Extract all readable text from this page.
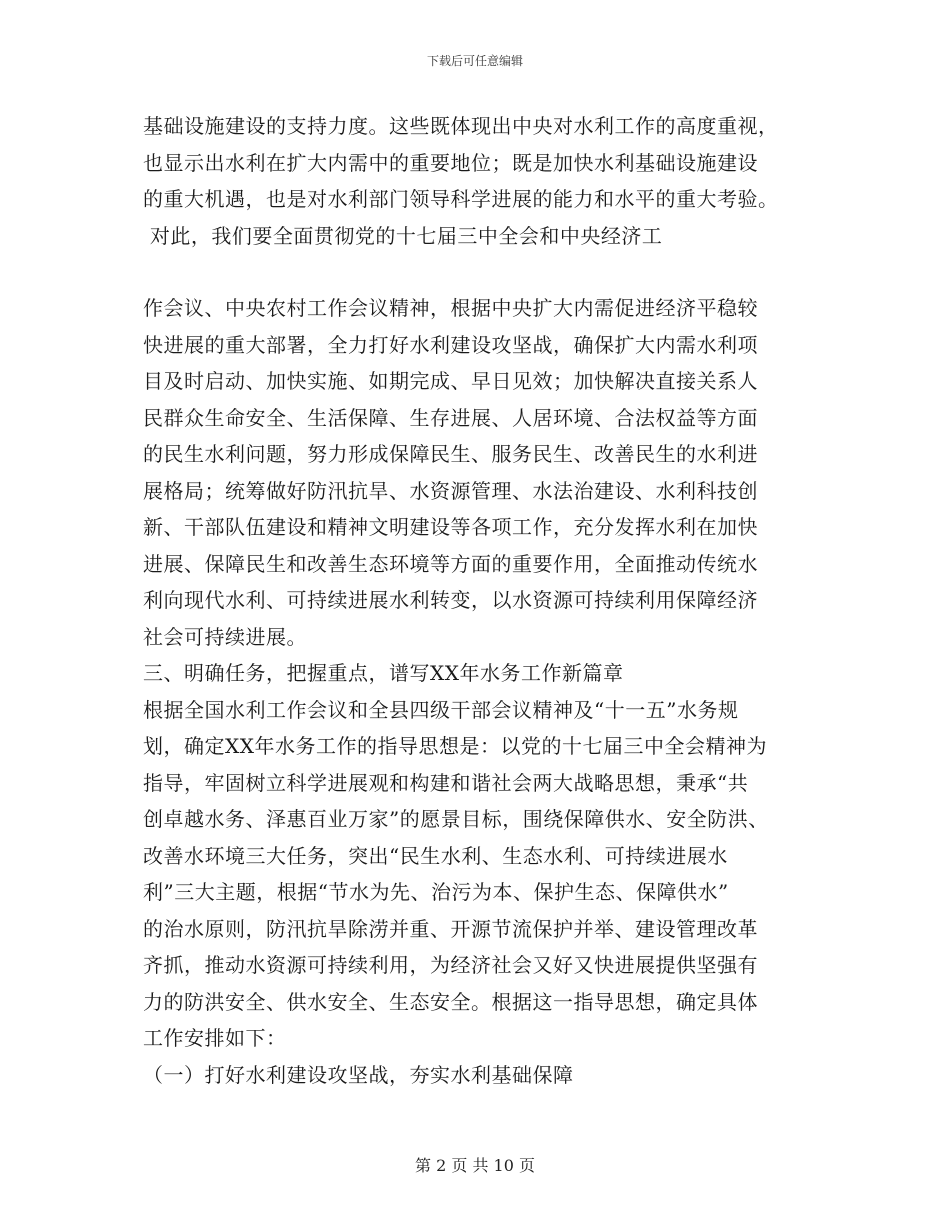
下载后可任意编辑
基础设施建设的支持力度。这些既体现出中央对水利工作的高度重视，
也显示出水利在扩大内需中的重要地位；既是加快水利基础设施建设
的重大机遇，也是对水利部门领导科学进展的能力和水平的重大考验。
对此，我们要全面贯彻党的十七届三中全会和中央经济工
作会议、中央农村工作会议精神，根据中央扩大内需促进经济平稳较
快进展的重大部署，全力打好水利建设攻坚战，确保扩大内需水利项
目及时启动、加快实施、如期完成、早日见效；加快解决直接关系人
民群众生命安全、生活保障、生存进展、人居环境、合法权益等方面
的民生水利问题，努力形成保障民生、服务民生、改善民生的水利进
展格局；统筹做好防汛抗旱、水资源管理、水法治建设、水利科技创
新、干部队伍建设和精神文明建设等各项工作，充分发挥水利在加快
进展、保障民生和改善生态环境等方面的重要作用，全面推动传统水
利向现代水利、可持续进展水利转变，以水资源可持续利用保障经济
社会可持续进展。
三、明确任务，把握重点，谱写XX年水务工作新篇章
根据全国水利工作会议和全县四级干部会议精神及“十一五”水务规
划，确定XX年水务工作的指导思想是：以党的十七届三中全会精神为
指导，牢固树立科学进展观和构建和谐社会两大战略思想，秉承“共
创卓越水务、泽惠百业万家”的愿景目标，围绕保障供水、安全防洪、
改善水环境三大任务，突出“民生水利、生态水利、可持续进展水
利”三大主题，根据“节水为先、治污为本、保护生态、保障供水”
的治水原则，防汛抗旱除涝并重、开源节流保护并举、建设管理改革
齐抓，推动水资源可持续利用，为经济社会又好又快进展提供坚强有
力的防洪安全、供水安全、生态安全。根据这一指导思想，确定具体
工作安排如下：
（一）打好水利建设攻坚战，夯实水利基础保障
第 2 页 共 10 页
